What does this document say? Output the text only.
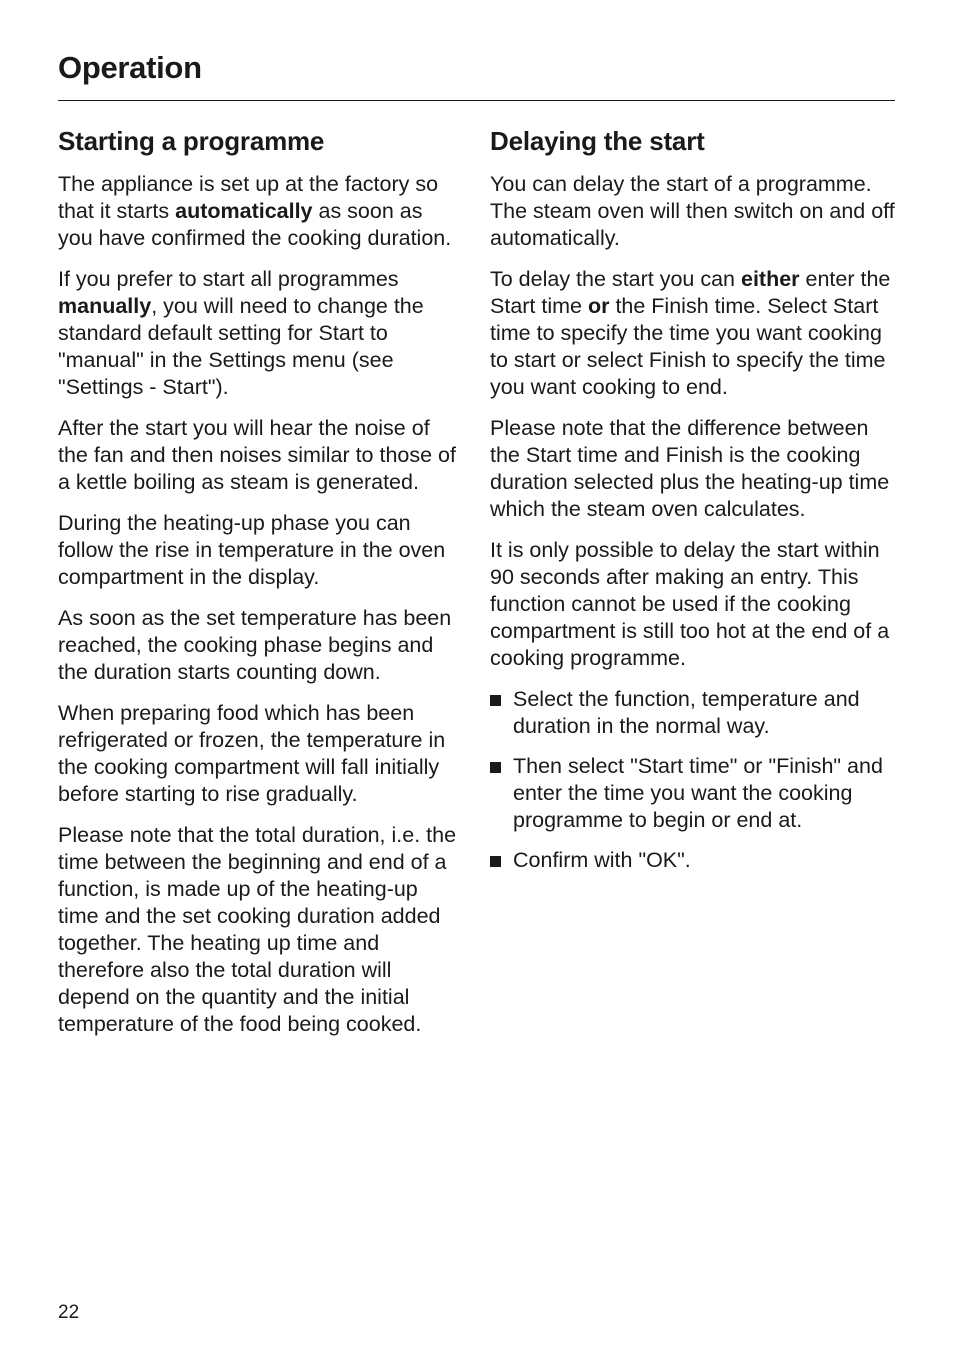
Operation
Starting a programme

The appliance is set up at the factory so that it starts automatically as soon as you have confirmed the cooking duration.

If you prefer to start all programmes manually, you will need to change the standard default setting for Start to "manual" in the Settings menu (see "Settings - Start").

After the start you will hear the noise of the fan and then noises similar to those of a kettle boiling as steam is generated.

During the heating-up phase you can follow the rise in temperature in the oven compartment in the display.

As soon as the set temperature has been reached, the cooking phase begins and the duration starts counting down.

When preparing food which has been refrigerated or frozen, the temperature in the cooking compartment will fall initially before starting to rise gradually.

Please note that the total duration, i.e. the time between the beginning and end of a function, is made up of the heating-up time and the set cooking duration added together. The heating up time and therefore also the total duration will depend on the quantity and the initial temperature of the food being cooked.

Delaying the start

You can delay the start of a programme. The steam oven will then switch on and off automatically.

To delay the start you can either enter the Start time or the Finish time. Select Start time to specify the time you want cooking to start or select Finish to specify the time you want cooking to end.

Please note that the difference between the Start time and Finish is the cooking duration selected plus the heating-up time which the steam oven calculates.

It is only possible to delay the start within 90 seconds after making an entry. This function cannot be used if the cooking compartment is still too hot at the end of a cooking programme.

Select the function, temperature and duration in the normal way.
Then select "Start time" or "Finish" and enter the time you want the cooking programme to begin or end at.
Confirm with "OK".
22
